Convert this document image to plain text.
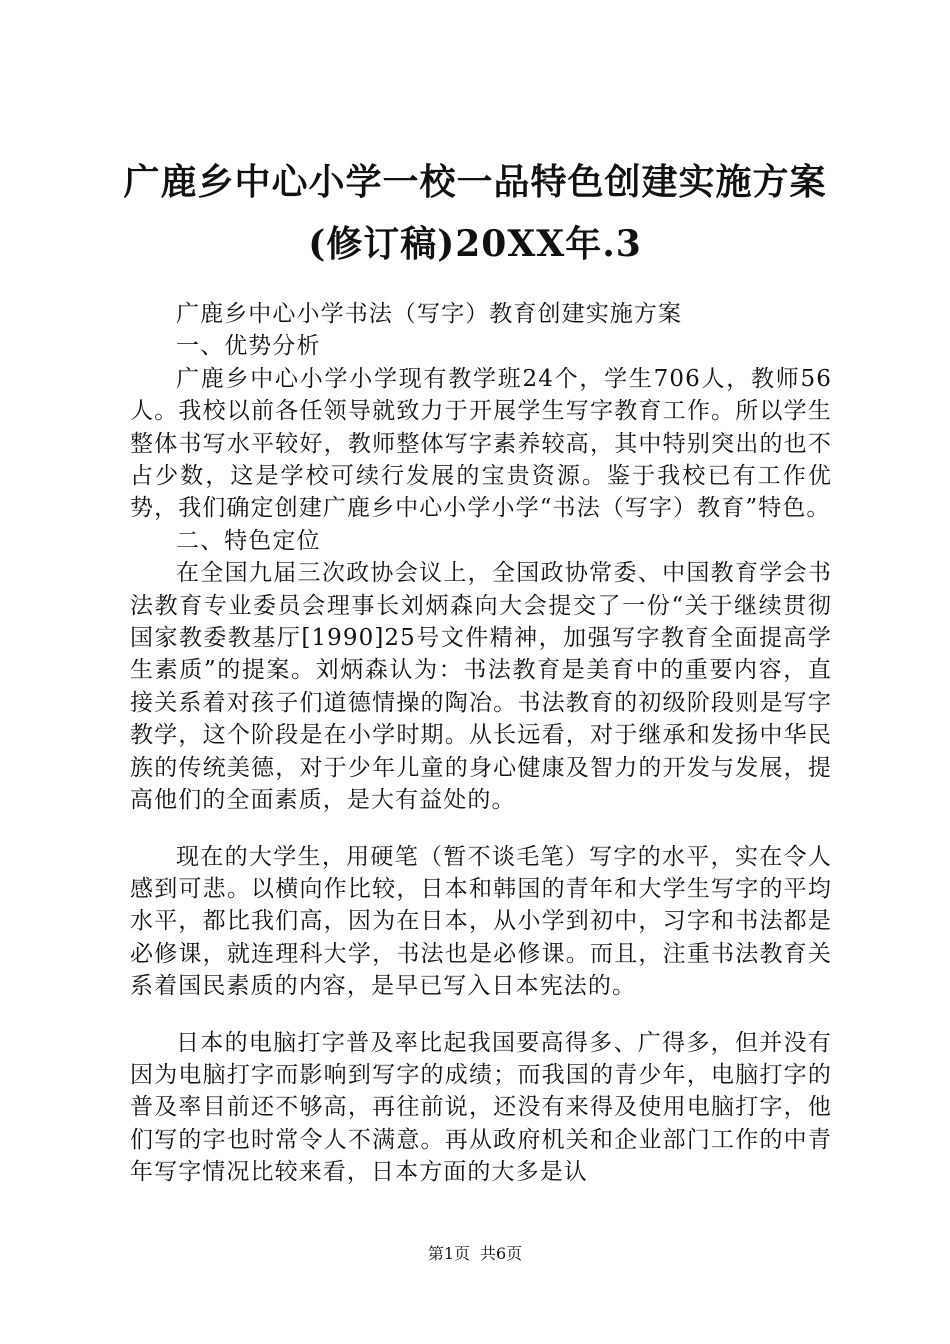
广鹿乡中心小学一校一品特色创建实施方案
(修订稿)20XX年.3

广鹿乡中心小学书法（写字）教育创建实施方案

一、优势分析

广鹿乡中心小学小学现有教学班24个，学生706人，教师56人。我校以前各任领导就致力于开展学生写字教育工作。所以学生整体书写水平较好，教师整体写字素养较高，其中特别突出的也不占少数，这是学校可续行发展的宝贵资源。鉴于我校已有工作优势，我们确定创建广鹿乡中心小学小学“书法（写字）教育”特色。

二、特色定位

在全国九届三次政协会议上，全国政协常委、中国教育学会书法教育专业委员会理事长刘炳森向大会提交了一份“关于继续贯彻国家教委教基厅[1990]25号文件精神，加强写字教育全面提高学生素质”的提案。刘炳森认为：书法教育是美育中的重要内容，直接关系着对孩子们道德情操的陶冶。书法教育的初级阶段则是写字教学，这个阶段是在小学时期。从长远看，对于继承和发扬中华民族的传统美德，对于少年儿童的身心健康及智力的开发与发展，提高他们的全面素质，是大有益处的。

现在的大学生，用硬笔（暂不谈毛笔）写字的水平，实在令人感到可悲。以横向作比较，日本和韩国的青年和大学生写字的平均水平，都比我们高，因为在日本，从小学到初中，习字和书法都是必修课，就连理科大学，书法也是必修课。而且，注重书法教育关系着国民素质的内容，是早已写入日本宪法的。

日本的电脑打字普及率比起我国要高得多、广得多，但并没有因为电脑打字而影响到写字的成绩；而我国的青少年，电脑打字的普及率目前还不够高，再往前说，还没有来得及使用电脑打字，他们写的字也时常令人不满意。再从政府机关和企业部门工作的中青年写字情况比较来看，日本方面的大多是认

第1页 共6页
